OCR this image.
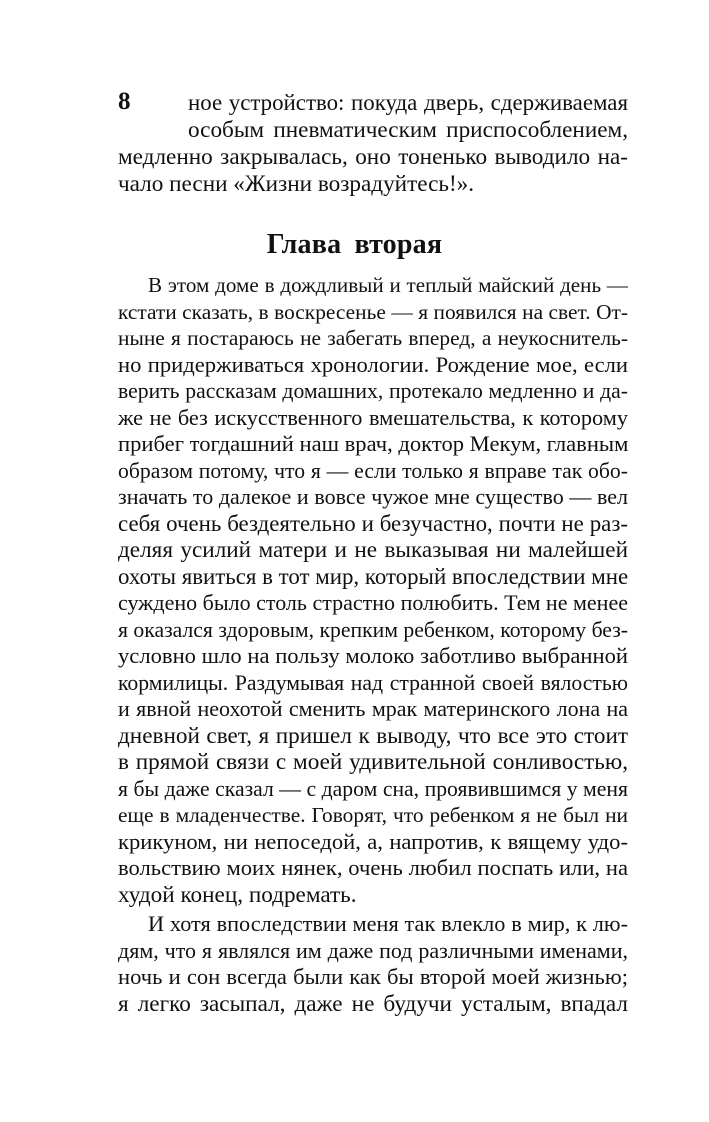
8	ное устройство: покуда дверь, сдерживаемая
особым пневматическим приспособлением,
медленно закрывалась, оно тоненько выводило на-
чало песни «Жизни возрадуйтесь!».
Глава вторая
В этом доме в дождливый и теплый майский день —
кстати сказать, в воскресенье — я появился на свет. От-
ныне я постараюсь не забегать вперед, а неукоснитель-
но придерживаться хронологии. Рождение мое, если
верить рассказам домашних, протекало медленно и да-
же не без искусственного вмешательства, к которому
прибег тогдашний наш врач, доктор Мекум, главным
образом потому, что я — если только я вправе так обо-
значать то далекое и вовсе чужое мне существо — вел
себя очень бездеятельно и безучастно, почти не раз-
деляя усилий матери и не выказывая ни малейшей
охоты явиться в тот мир, который впоследствии мне
суждено было столь страстно полюбить. Тем не менее
я оказался здоровым, крепким ребенком, которому без-
условно шло на пользу молоко заботливо выбранной
кормилицы. Раздумывая над странной своей вялостью
и явной неохотой сменить мрак материнского лона на
дневной свет, я пришел к выводу, что все это стоит
в прямой связи с моей удивительной сонливостью,
я бы даже сказал — с даром сна, проявившимся у меня
еще в младенчестве. Говорят, что ребенком я не был ни
крикуном, ни непоседой, а, напротив, к вящему удо-
вольствию моих нянек, очень любил поспать или, на
худой конец, подремать.
И хотя впоследствии меня так влекло в мир, к лю-
дям, что я являлся им даже под различными именами,
ночь и сон всегда были как бы второй моей жизнью;
я легко засыпал, даже не будучи усталым, впадал
